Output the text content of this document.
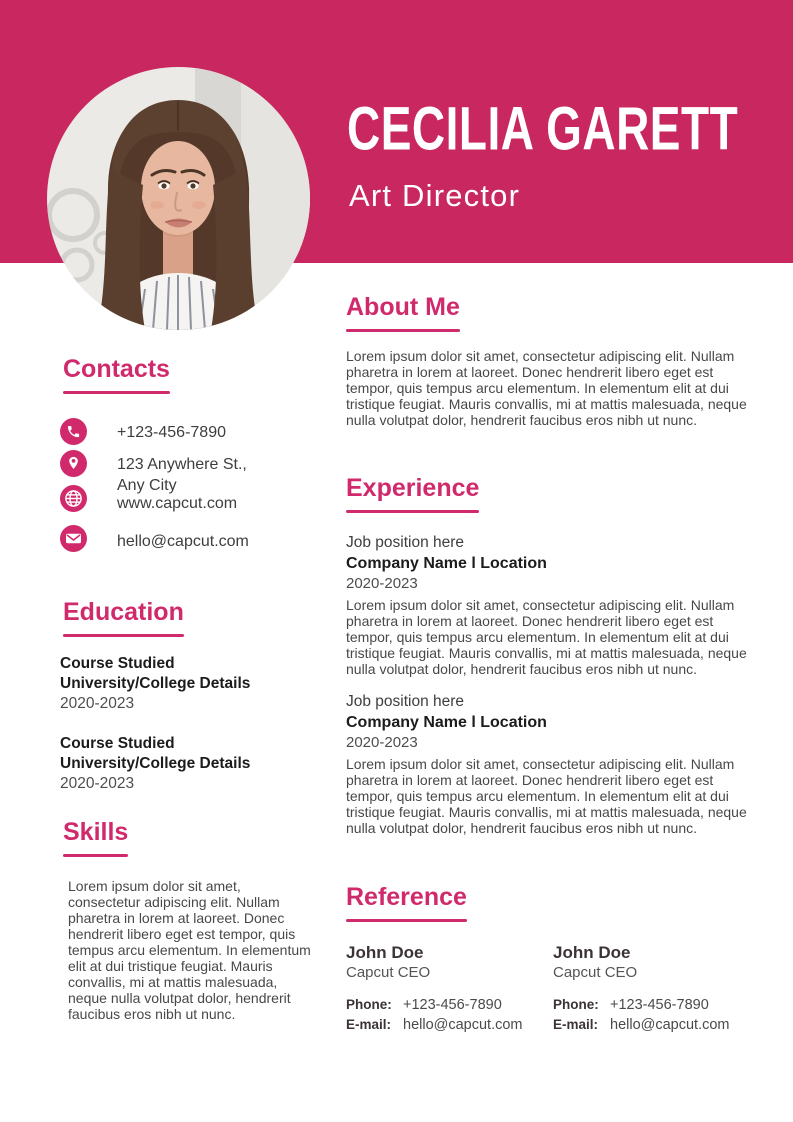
CECILIA GARETT

Art Director

Contacts
+123-456-7890
123 Anywhere St., Any City
www.capcut.com
hello@capcut.com
Education
Course Studied
University/College Details
2020-2023
Course Studied
University/College Details
2020-2023
Skills

Lorem ipsum dolor sit amet, consectetur adipiscing elit. Nullam pharetra in lorem at laoreet. Donec hendrerit libero eget est tempor, quis tempus arcu elementum. In elementum elit at dui tristique feugiat. Mauris convallis, mi at mattis malesuada, neque nulla volutpat dolor, hendrerit faucibus eros nibh ut nunc.

About Me

Lorem ipsum dolor sit amet, consectetur adipiscing elit. Nullam pharetra in lorem at laoreet. Donec hendrerit libero eget est tempor, quis tempus arcu elementum. In elementum elit at dui tristique feugiat. Mauris convallis, mi at mattis malesuada, neque nulla volutpat dolor, hendrerit faucibus eros nibh ut nunc.

Experience
Job position here
Company Name l Location
2020-2023

Lorem ipsum dolor sit amet, consectetur adipiscing elit. Nullam pharetra in lorem at laoreet. Donec hendrerit libero eget est tempor, quis tempus arcu elementum. In elementum elit at dui tristique feugiat. Mauris convallis, mi at mattis malesuada, neque nulla volutpat dolor, hendrerit faucibus eros nibh ut nunc.

Job position here
Company Name l Location
2020-2023

Lorem ipsum dolor sit amet, consectetur adipiscing elit. Nullam pharetra in lorem at laoreet. Donec hendrerit libero eget est tempor, quis tempus arcu elementum. In elementum elit at dui tristique feugiat. Mauris convallis, mi at mattis malesuada, neque nulla volutpat dolor, hendrerit faucibus eros nibh ut nunc.

Reference
John Doe
Capcut CEO
Phone: +123-456-7890
E-mail: hello@capcut.com
John Doe
Capcut CEO
Phone: +123-456-7890
E-mail: hello@capcut.com
